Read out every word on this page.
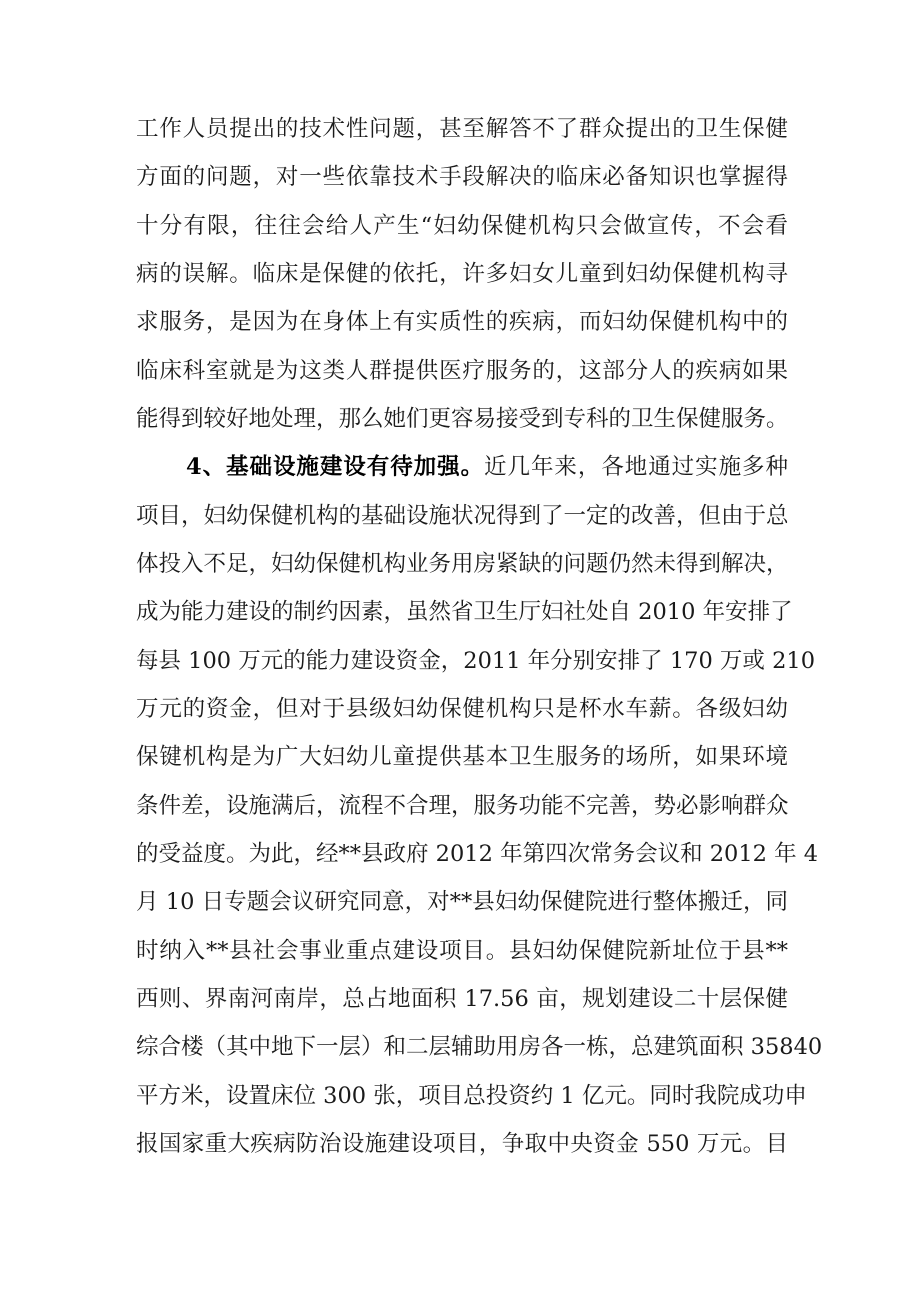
工作人员提出的技术性问题，甚至解答不了群众提出的卫生保健
方面的问题，对一些依靠技术手段解决的临床必备知识也掌握得
十分有限，往往会给人产生“妇幼保健机构只会做宣传，不会看
病的误解。临床是保健的依托，许多妇女儿童到妇幼保健机构寻
求服务，是因为在身体上有实质性的疾病，而妇幼保健机构中的
临床科室就是为这类人群提供医疗服务的，这部分人的疾病如果
能得到较好地处理，那么她们更容易接受到专科的卫生保健服务。
4、基础设施建设有待加强。近几年来，各地通过实施多种
项目，妇幼保健机构的基础设施状况得到了一定的改善，但由于总
体投入不足，妇幼保健机构业务用房紧缺的问题仍然未得到解决，
成为能力建设的制约因素，虽然省卫生厅妇社处自 2010 年安排了
每县 100 万元的能力建设资金，2011 年分别安排了 170 万或 210
万元的资金，但对于县级妇幼保健机构只是杯水车薪。各级妇幼
保键机构是为广大妇幼儿童提供基本卫生服务的场所，如果环境
条件差，设施满后，流程不合理，服务功能不完善，势必影响群众
的受益度。为此，经**县政府 2012 年第四次常务会议和 2012 年 4
月 10 日专题会议研究同意，对**县妇幼保健院进行整体搬迁，同
时纳入**县社会事业重点建设项目。县妇幼保健院新址位于县**
西则、界南河南岸，总占地面积 17.56 亩，规划建设二十层保健
综合楼（其中地下一层）和二层辅助用房各一栋，总建筑面积 35840
平方米，设置床位 300 张，项目总投资约 1 亿元。同时我院成功申
报国家重大疾病防治设施建设项目，争取中央资金 550 万元。目
